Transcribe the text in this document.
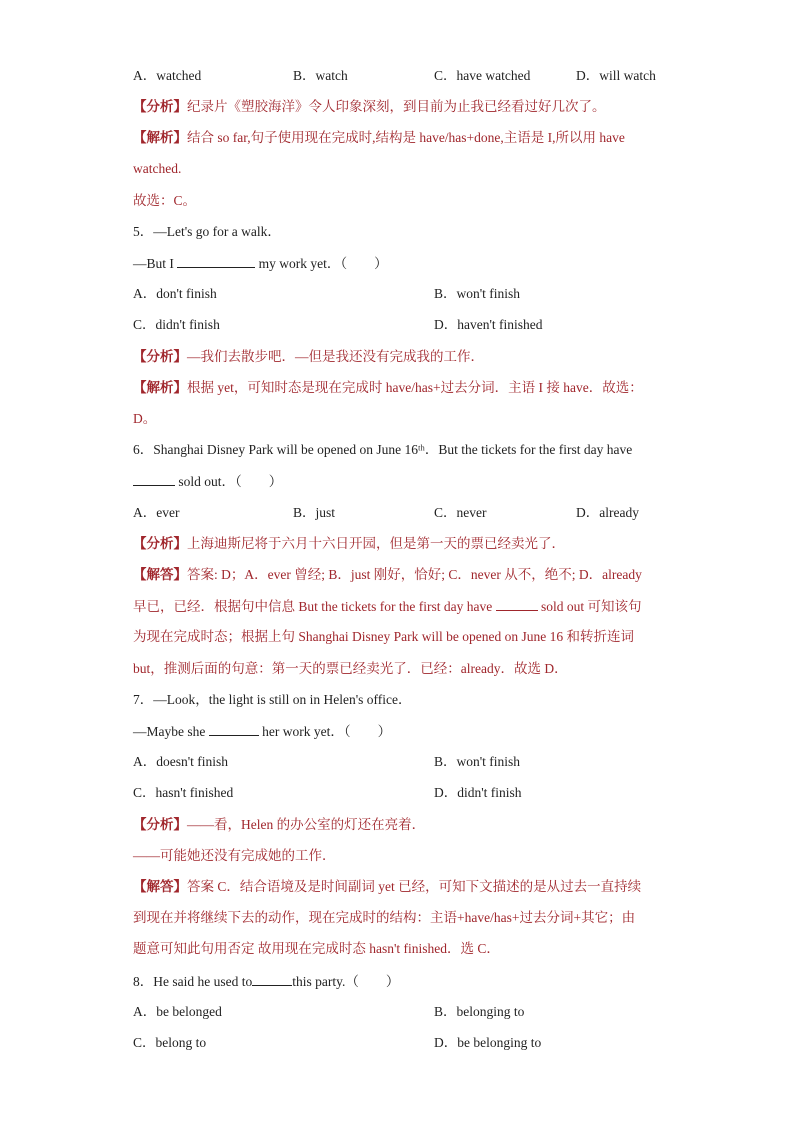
A．watched	B．watch	C．have watched	D．will watch
【分析】纪录片《塑胶海洋》令人印象深刻，到目前为止我已经看过好几次了。
【解析】结合 so far,句子使用现在完成时,结构是 have/has+done,主语是 I,所以用 have
watched.
故选：C。
5．—Let's go for a walk．
—But I	my work yet．（　　）
A．don't finish	B．won't finish
C．didn't finish	D．haven't finished
【分析】—我们去散步吧．—但是我还没有完成我的工作．
【解析】根据 yet，可知时态是现在完成时 have/has+过去分词．主语 I 接 have．故选：
D。
6．Shanghai Disney Park will be opened on June 16ᵗʰ．But the tickets for the first day have
sold out．（　　）
A．ever	B．just	C．never	D．already
【分析】上海迪斯尼将于六月十六日开园，但是第一天的票已经卖光了．
【解答】答案: D；A．ever 曾经; B．just 刚好，恰好; C．never 从不，绝不; D．already
早已，已经．根据句中信息 But the tickets for the first day have	sold out 可知该句
为现在完成时态；根据上句 Shanghai Disney Park will be opened on June 16 和转折连词
but，推测后面的句意：第一天的票已经卖光了．已经：already．故选 D．
7．—Look，the light is still on in Helen's office．
—Maybe she	her work yet．（　　）
A．doesn't finish	B．won't finish
C．hasn't finished	D．didn't finish
【分析】——看，Helen 的办公室的灯还在亮着．
——可能她还没有完成她的工作．
【解答】答案 C．结合语境及是时间副词 yet 已经，可知下文描述的是从过去一直持续
到现在并将继续下去的动作，现在完成时的结构：主语+have/has+过去分词+其它；由
题意可知此句用否定 故用现在完成时态 hasn't finished．选 C．
8．He said he used to	this party.（　　）
A．be belonged	B．belonging to
C．belong to	D．be belonging to
